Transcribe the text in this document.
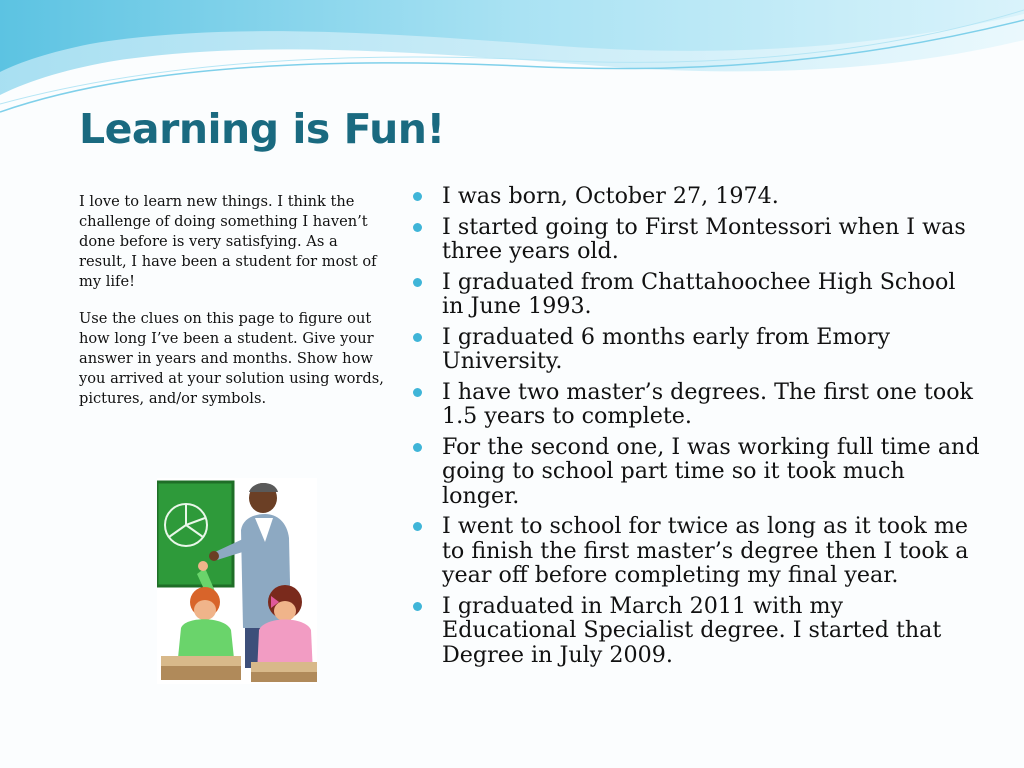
Learning is Fun!

I love to learn new things. I think the challenge of doing something I haven’t done before is very satisfying. As a result, I have been a student for most of my life!

Use the clues on this page to figure out how long I’ve been a student. Give your answer in years and months. Show how you arrived at your solution using words, pictures, and/or symbols.

I was born, October 27, 1974.
I started going to First Montessori when I was three years old.
I graduated from Chattahoochee High School in June 1993.
I graduated 6 months early from Emory University.
I have two master’s degrees. The first one took 1.5 years to complete.
For the second one, I was working full time and going to school part time so it took much longer.
I went to school for twice as long as it took me to finish the first master’s degree then I took a year off before completing my final year.
I graduated in March 2011 with my Educational Specialist degree. I started that Degree in July 2009.
